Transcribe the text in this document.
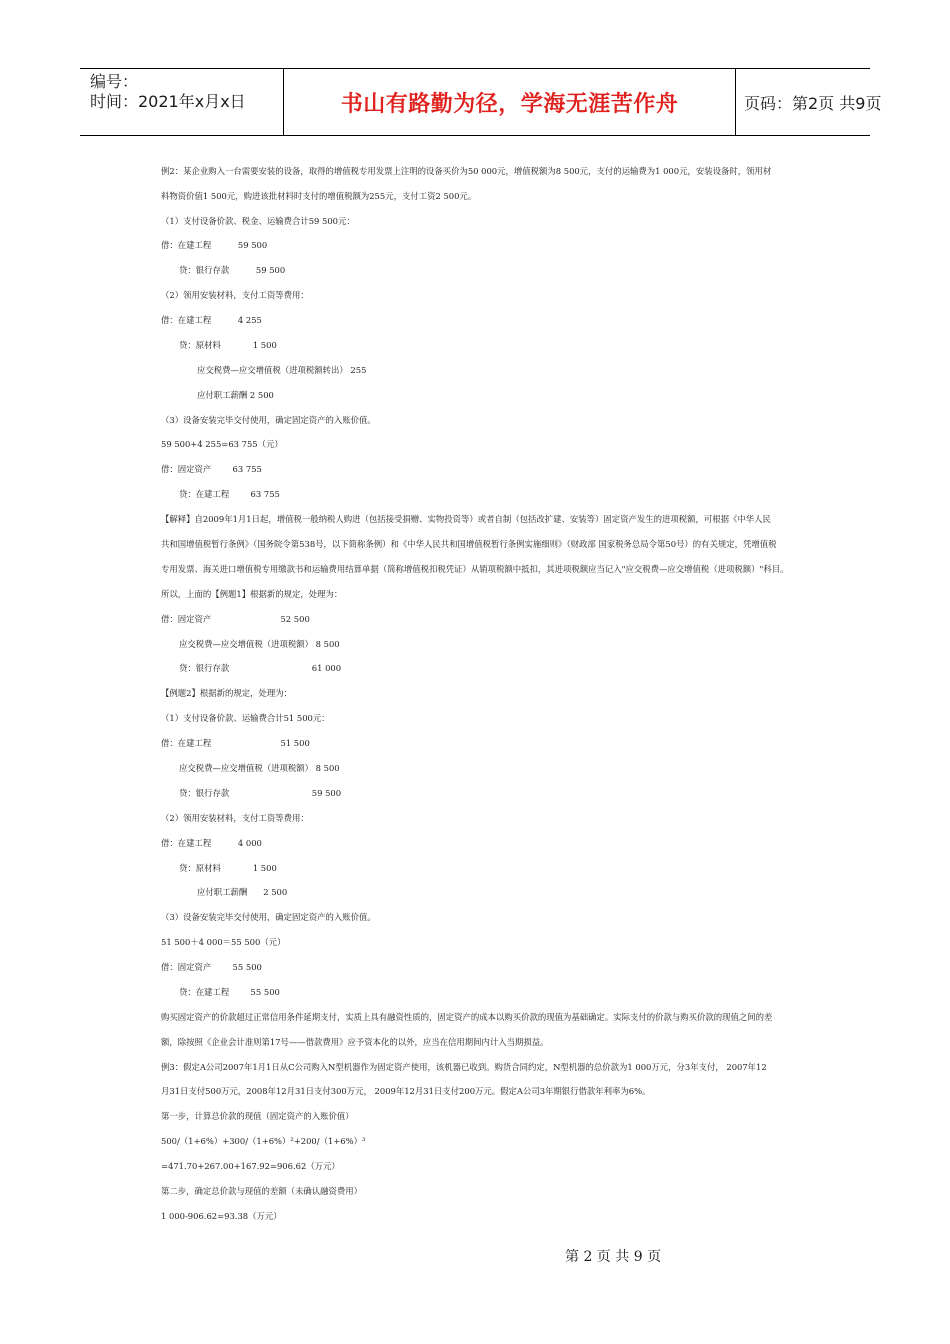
编号：
时间：2021年x月x日	书山有路勤为径，学海无涯苦作舟	页码：第2页 共9页
例2：某企业购入一台需要安装的设备，取得的增值税专用发票上注明的设备买价为50 000元，增值税额为8 500元，支付的运输费为1 000元，安装设备时，领用材
料物资价值1 500元，购进该批材料时支付的增值税额为255元，支付工资2 500元。
（1）支付设备价款、税金、运输费合计59 500元：
借：在建工程          59 500
贷：银行存款          59 500
（2）领用安装材料，支付工资等费用：
借：在建工程          4 255
贷：原材料            1 500
应交税费—应交增值税（进项税额转出） 255
应付职工薪酬 2 500
（3）设备安装完毕交付使用，确定固定资产的入账价值。
59 500+4 255=63 755（元）
借：固定资产        63 755
贷：在建工程        63 755
【解释】自2009年1月1日起，增值税一般纳税人购进（包括接受捐赠、实物投资等）或者自制（包括改扩建、安装等）固定资产发生的进项税额，可根据《中华人民
共和国增值税暂行条例》（国务院令第538号，以下简称条例）和《中华人民共和国增值税暂行条例实施细则》（财政部 国家税务总局令第50号）的有关规定，凭增值税
专用发票、海关进口增值税专用缴款书和运输费用结算单据（简称增值税扣税凭证）从销项税额中抵扣，其进项税额应当记入"应交税费—应交增值税（进项税额）"科目。
所以，上面的【例题1】根据新的规定，处理为：
借：固定资产                          52 500
应交税费—应交增值税（进项税额） 8 500
贷：银行存款                               61 000
【例题2】根据新的规定，处理为：
（1）支付设备价款、运输费合计51 500元：
借：在建工程                          51 500
应交税费—应交增值税（进项税额） 8 500
贷：银行存款                               59 500
（2）领用安装材料，支付工资等费用：
借：在建工程          4 000
贷：原材料            1 500
应付职工薪酬      2 500
（3）设备安装完毕交付使用，确定固定资产的入账价值。
51 500＋4 000＝55 500（元）
借：固定资产        55 500
贷：在建工程        55 500
购买固定资产的价款超过正常信用条件延期支付，实质上具有融资性质的，固定资产的成本以购买价款的现值为基础确定。实际支付的价款与购买价款的现值之间的差
额，除按照《企业会计准则第17号——借款费用》应予资本化的以外，应当在信用期间内计入当期损益。
例3：假定A公司2007年1月1日从C公司购入N型机器作为固定资产使用，该机器已收到。购货合同约定，N型机器的总价款为1 000万元，分3年支付， 2007年12
月31日支付500万元，2008年12月31日支付300万元， 2009年12月31日支付200万元。假定A公司3年期银行借款年利率为6%。
第一步，计算总价款的现值（固定资产的入账价值）
500/（1+6%）+300/（1+6%）²+200/（1+6%）³
=471.70+267.00+167.92=906.62（万元）
第二步，确定总价款与现值的差额（未确认融资费用）
1 000-906.62=93.38（万元）
第 2 页 共 9 页
